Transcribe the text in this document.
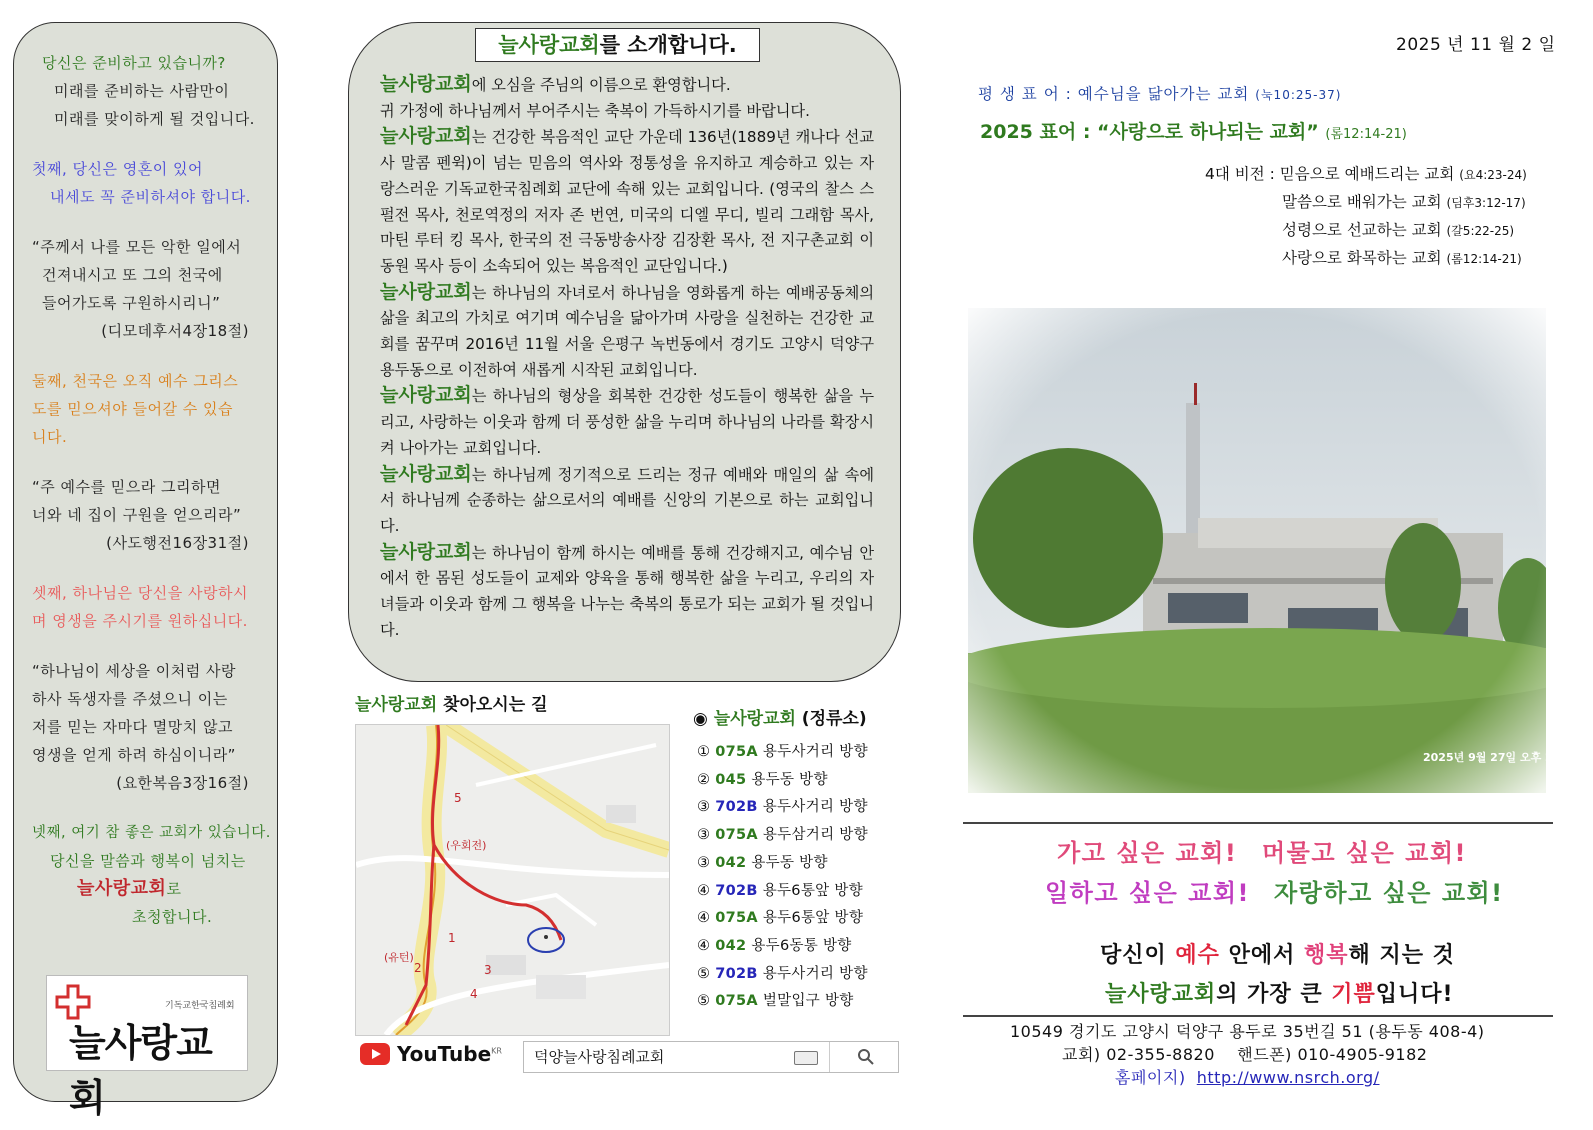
당신은 준비하고 있습니까?
미래를 준비하는 사람만이
미래를 맞이하게 될 것입니다.
첫째, 당신은 영혼이 있어
내세도 꼭 준비하셔야 합니다.
“주께서 나를 모든 악한 일에서
건져내시고 또 그의 천국에
들어가도록 구원하시리니”
(디모데후서4장18절)
둘째, 천국은 오직 예수 그리스
도를 믿으셔야 들어갈 수 있습
니다.
“주 예수를 믿으라 그리하면
너와 네 집이 구원을 얻으리라”
(사도행전16장31절)
셋째, 하나님은 당신을 사랑하시
며 영생을 주시기를 원하십니다.
“하나님이 세상을 이처럼 사랑
하사 독생자를 주셨으니 이는
저를 믿는 자마다 멸망치 않고
영생을 얻게 하려 하심이니라”
(요한복음3장16절)
넷째, 여기 참 좋은 교회가 있습니다.
당신을 말씀과 행복이 넘치는
늘사랑교회로
초청합니다.
기독교한국침례회
늘사랑교회
늘사랑교회를 소개합니다.

늘사랑교회에 오심을 주님의 이름으로 환영합니다.

귀 가정에 하나님께서 부어주시는 축복이 가득하시기를 바랍니다.

늘사랑교회는 건강한 복음적인 교단 가운데 136년(1889년 캐나다 선교사 말콤 펜윅)이 넘는 믿음의 역사와 정통성을 유지하고 계승하고 있는 자랑스러운 기독교한국침례회 교단에 속해 있는 교회입니다. (영국의 찰스 스펄전 목사, 천로역정의 저자 존 번연, 미국의 디엘 무디, 빌리 그래함 목사, 마틴 루터 킹 목사, 한국의 전 극동방송사장 김장환 목사, 전 지구촌교회 이동원 목사 등이 소속되어 있는 복음적인 교단입니다.)

늘사랑교회는 하나님의 자녀로서 하나님을 영화롭게 하는 예배공동체의 삶을 최고의 가치로 여기며 예수님을 닮아가며 사랑을 실천하는 건강한 교회를 꿈꾸며 2016년 11월 서울 은평구 녹번동에서 경기도 고양시 덕양구 용두동으로 이전하여 새롭게 시작된 교회입니다.

늘사랑교회는 하나님의 형상을 회복한 건강한 성도들이 행복한 삶을 누리고, 사랑하는 이웃과 함께 더 풍성한 삶을 누리며 하나님의 나라를 확장시켜 나아가는 교회입니다.

늘사랑교회는 하나님께 정기적으로 드리는 정규 예배와 매일의 삶 속에서 하나님께 순종하는 삶으로서의 예배를 신앙의 기본으로 하는 교회입니다.

늘사랑교회는 하나님이 함께 하시는 예배를 통해 건강해지고, 예수님 안에서 한 몸된 성도들이 교제와 양육을 통해 행복한 삶을 누리고, 우리의 자녀들과 이웃과 함께 그 행복을 나누는 축복의 통로가 되는 교회가 될 것입니다.

늘사랑교회 찾아오시는 길
(우회전)
(유턴)
1
2	3
4
5
YouTube$^{KR}$ 덕양늘사랑침례교회
◉ 늘사랑교회 (정류소)
① 075A 용두사거리 방향
② 045 용두동 방향
③ 702B 용두사거리 방향
③ 075A 용두삼거리 방향
③ 042 용두동 방향
④ 702B 용두6통앞 방향
④ 075A 용두6통앞 방향
④ 042 용두6동통 방향
⑤ 702B 용두사거리 방향
⑤ 075A 벌말입구 방향
2025 년 11 월 2 일
평 생 표 어 : 예수님을 닮아가는 교회 (눅10:25-37)
2025 표어 : “사랑으로 하나되는 교회” (롬12:14-21)
4대 비전 : 믿음으로 예배드리는 교회 (요4:23-24)
말씀으로 배워가는 교회 (딤후3:12-17)
성령으로 선교하는 교회 (갈5:22-25)
사랑으로 화목하는 교회 (롬12:14-21)
2025년 9월 27일 오후 2:53
가고 싶은 교회! 머물고 싶은 교회!
일하고 싶은 교회! 자랑하고 싶은 교회!
당신이 예수 안에서 행복해 지는 것
늘사랑교회의 가장 큰 기쁨입니다!
10549 경기도 고양시 덕양구 용두로 35번길 51 (용두동 408-4)
교회) 02-355-8820    핸드폰) 010-4905-9182
홈페이지) http://www.nsrch.org/
